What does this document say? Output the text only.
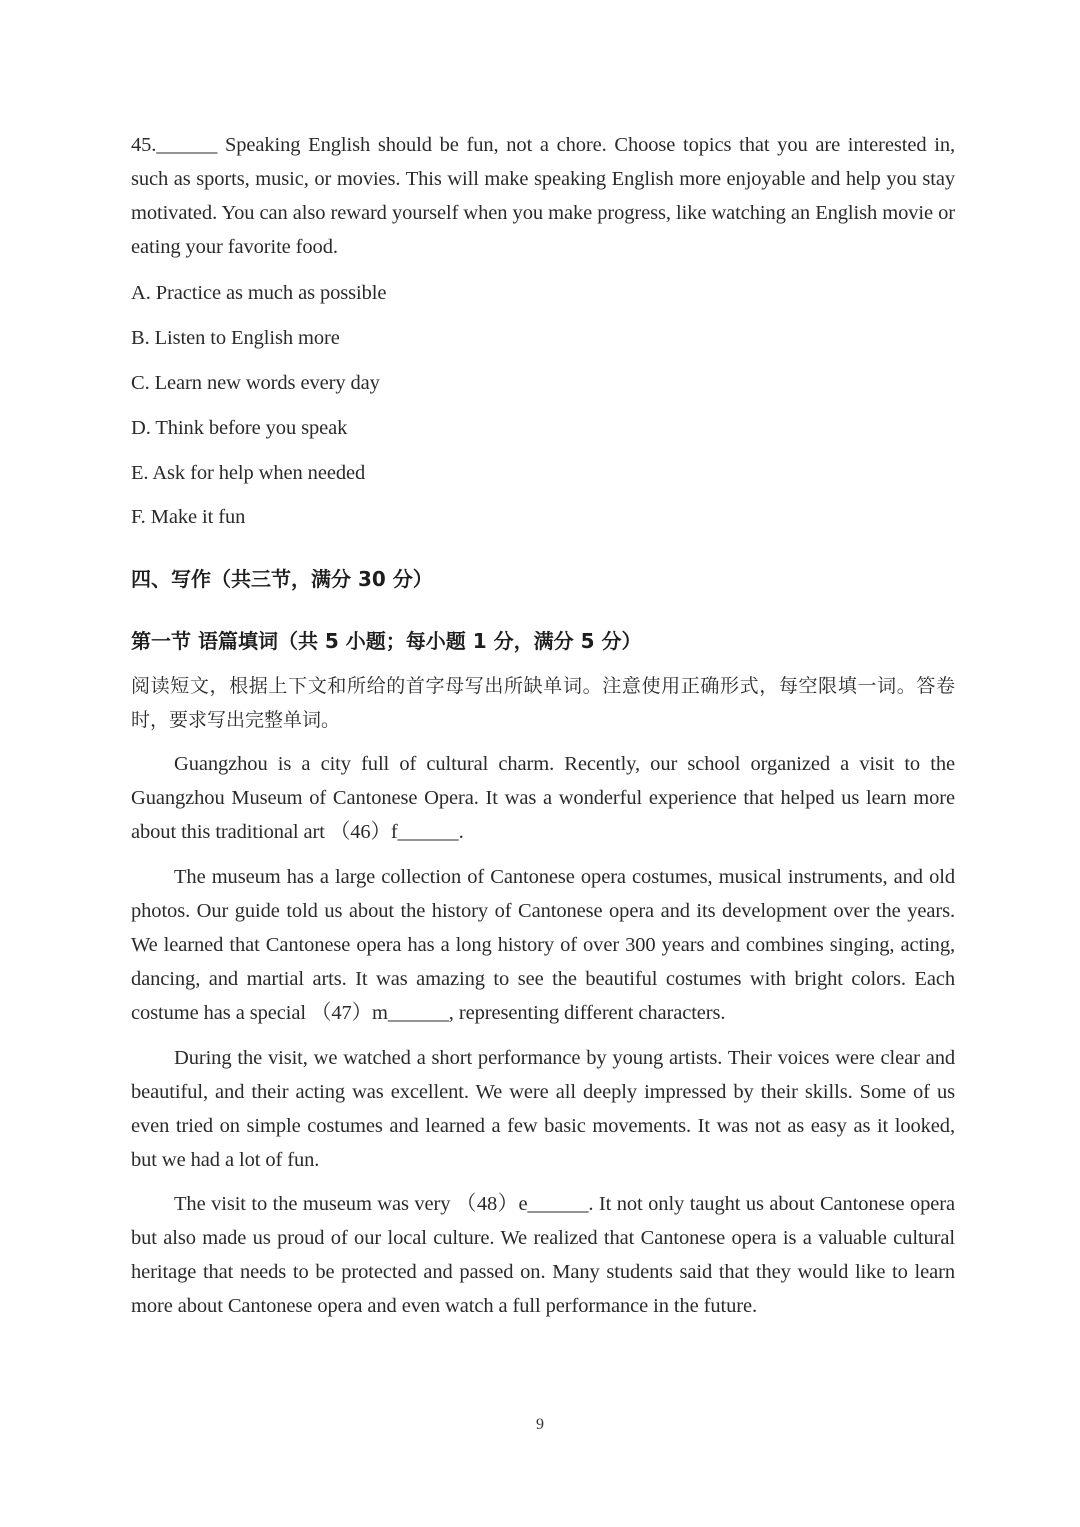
45.______ Speaking English should be fun, not a chore. Choose topics that you are interested in, such as sports, music, or movies. This will make speaking English more enjoyable and help you stay motivated. You can also reward yourself when you make progress, like watching an English movie or eating your favorite food.

A. Practice as much as possible

B. Listen to English more

C. Learn new words every day

D. Think before you speak

E. Ask for help when needed

F. Make it fun

四、写作（共三节，满分 30 分）

第一节 语篇填词（共 5 小题；每小题 1 分，满分 5 分）

阅读短文，根据上下文和所给的首字母写出所缺单词。注意使用正确形式，每空限填一词。答卷时，要求写出完整单词。

Guangzhou is a city full of cultural charm. Recently, our school organized a visit to the Guangzhou Museum of Cantonese Opera. It was a wonderful experience that helped us learn more about this traditional art （46）f______.

The museum has a large collection of Cantonese opera costumes, musical instruments, and old photos. Our guide told us about the history of Cantonese opera and its development over the years. We learned that Cantonese opera has a long history of over 300 years and combines singing, acting, dancing, and martial arts. It was amazing to see the beautiful costumes with bright colors. Each costume has a special （47）m______, representing different characters.

During the visit, we watched a short performance by young artists. Their voices were clear and beautiful, and their acting was excellent. We were all deeply impressed by their skills. Some of us even tried on simple costumes and learned a few basic movements. It was not as easy as it looked, but we had a lot of fun.

The visit to the museum was very （48）e______. It not only taught us about Cantonese opera but also made us proud of our local culture. We realized that Cantonese opera is a valuable cultural heritage that needs to be protected and passed on. Many students said that they would like to learn more about Cantonese opera and even watch a full performance in the future.

9
